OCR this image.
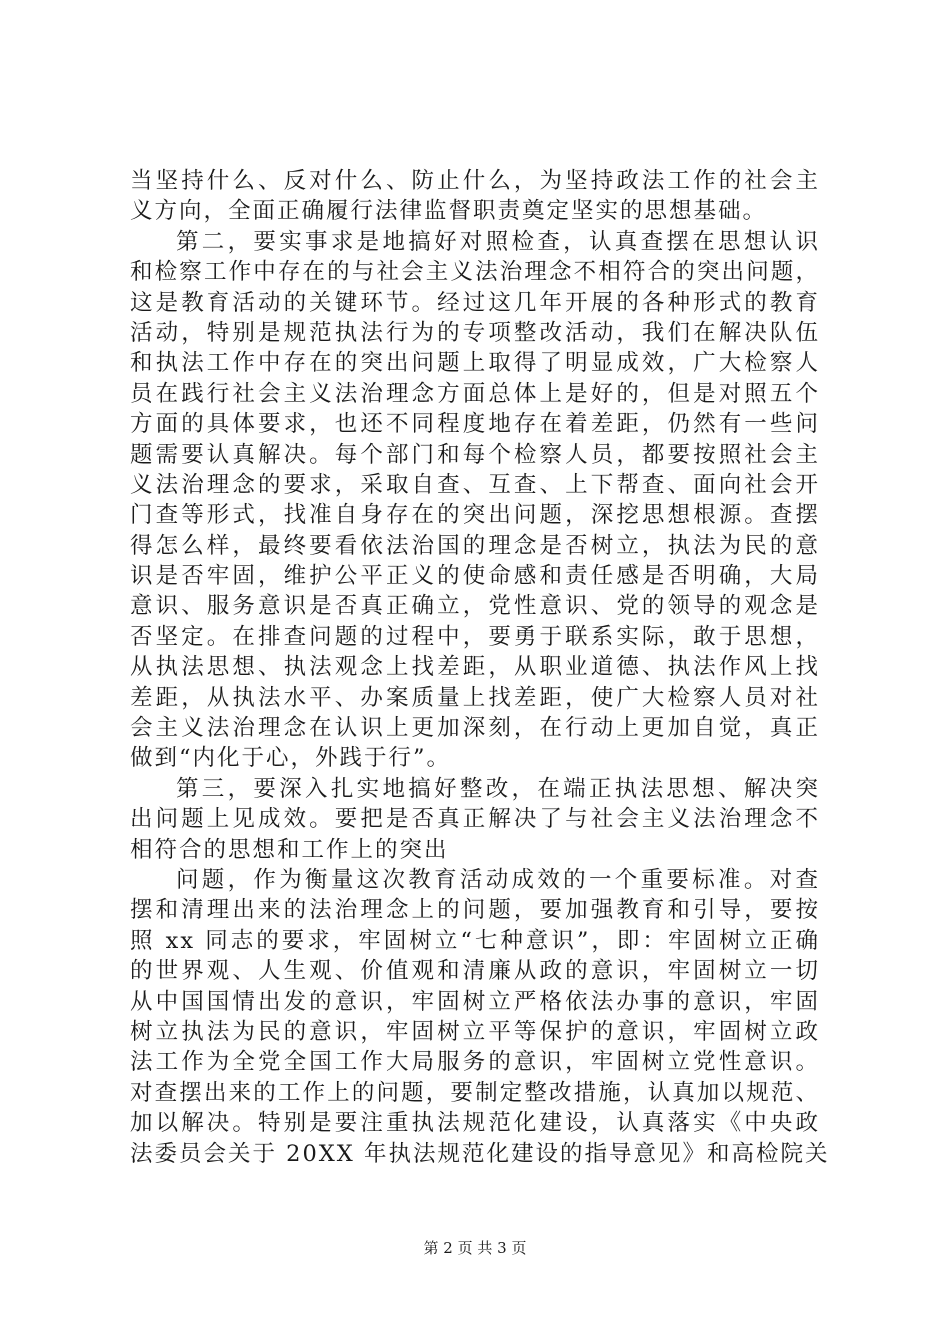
当坚持什么、反对什么、防止什么，为坚持政法工作的社会主
义方向，全面正确履行法律监督职责奠定坚实的思想基础。
第二，要实事求是地搞好对照检查，认真查摆在思想认识
和检察工作中存在的与社会主义法治理念不相符合的突出问题，
这是教育活动的关键环节。经过这几年开展的各种形式的教育
活动，特别是规范执法行为的专项整改活动，我们在解决队伍
和执法工作中存在的突出问题上取得了明显成效，广大检察人
员在践行社会主义法治理念方面总体上是好的，但是对照五个
方面的具体要求，也还不同程度地存在着差距，仍然有一些问
题需要认真解决。每个部门和每个检察人员，都要按照社会主
义法治理念的要求，采取自查、互查、上下帮查、面向社会开
门查等形式，找准自身存在的突出问题，深挖思想根源。查摆
得怎么样，最终要看依法治国的理念是否树立，执法为民的意
识是否牢固，维护公平正义的使命感和责任感是否明确，大局
意识、服务意识是否真正确立，党性意识、党的领导的观念是
否坚定。在排查问题的过程中，要勇于联系实际，敢于思想，
从执法思想、执法观念上找差距，从职业道德、执法作风上找
差距，从执法水平、办案质量上找差距，使广大检察人员对社
会主义法治理念在认识上更加深刻，在行动上更加自觉，真正
做到“内化于心，外践于行”。
第三，要深入扎实地搞好整改，在端正执法思想、解决突
出问题上见成效。要把是否真正解决了与社会主义法治理念不
相符合的思想和工作上的突出
问题，作为衡量这次教育活动成效的一个重要标准。对查
摆和清理出来的法治理念上的问题，要加强教育和引导，要按
照 xx 同志的要求，牢固树立“七种意识”，即：牢固树立正确
的世界观、人生观、价值观和清廉从政的意识，牢固树立一切
从中国国情出发的意识，牢固树立严格依法办事的意识，牢固
树立执法为民的意识，牢固树立平等保护的意识，牢固树立政
法工作为全党全国工作大局服务的意识，牢固树立党性意识。
对查摆出来的工作上的问题，要制定整改措施，认真加以规范、
加以解决。特别是要注重执法规范化建设，认真落实《中央政
法委员会关于 20XX 年执法规范化建设的指导意见》和高检院关
第 2 页 共 3 页
